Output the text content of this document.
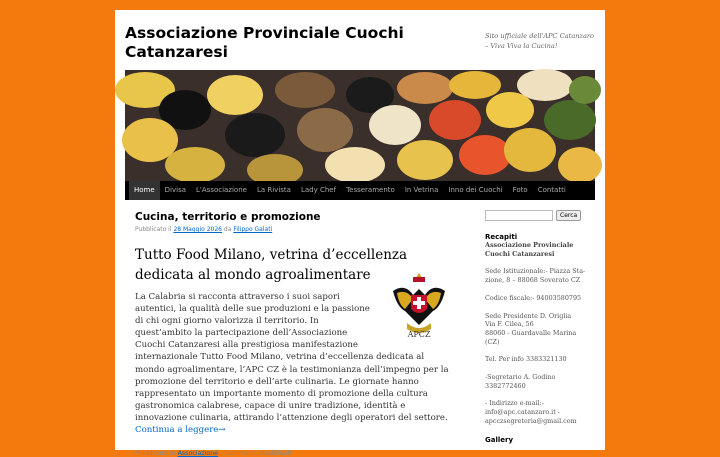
Associazione Provinciale Cuochi Catanzaresi
Sito ufficiale dell'APC Catanzaro – Viva Viva la Cucina!
Home	Divisa	L'Associazione	La Rivista	Lady Chef	Tesseramento	In Vetrina	Inno dei Cuochi	Foto	Contatti
Cucina, territorio e promozione
Pubblicato il 28 Maggio 2026 da Filippo Galati
Tutto Food Milano, vetrina d’eccellenza dedicata al mondo agroalimentare
APCZ
La Calabria si racconta attraverso i suoi sapori autentici, la qualità delle sue produzioni e la passione di chi ogni giorno valorizza il territorio. In quest’ambito la partecipazione dell’Associazione Cuochi Catanzaresi alla prestigiosa manifestazione internazionale Tutto Food Milano, vetrina d’eccellenza dedicata al mondo agroalimentare, l’APC CZ è la testimonianza dell’impegno per la promozione del territorio e dell’arte culinaria. Le giornate hanno rappresentato un importante momento di promozione della cultura gastronomica calabrese, capace di unire tradizione, identità e innovazione culinaria, attirando l’attenzione degli operatori del settore. Continua a leggere→
Pubblicato in Associazione | Commenti disabilitati
Cerca
Recapiti
Associazione Provinciale
Cuochi Catanzaresi
Sede Istituzionale:- Piazza Sta-
zione, 8 – 88068 Soverato CZ
Codice fiscale:- 94003580795
Sede Presidente D. Origlia
Via F. Cilea, 56
88060 - Guardavalle Marina
(CZ)
Tel. Per info 3383321130
-Segretario A. Godino
3382772460
- Indirizzo e-mail:-
info@apc.catanzaro.it -
apcczsegreteria@gmail.com
Gallery
